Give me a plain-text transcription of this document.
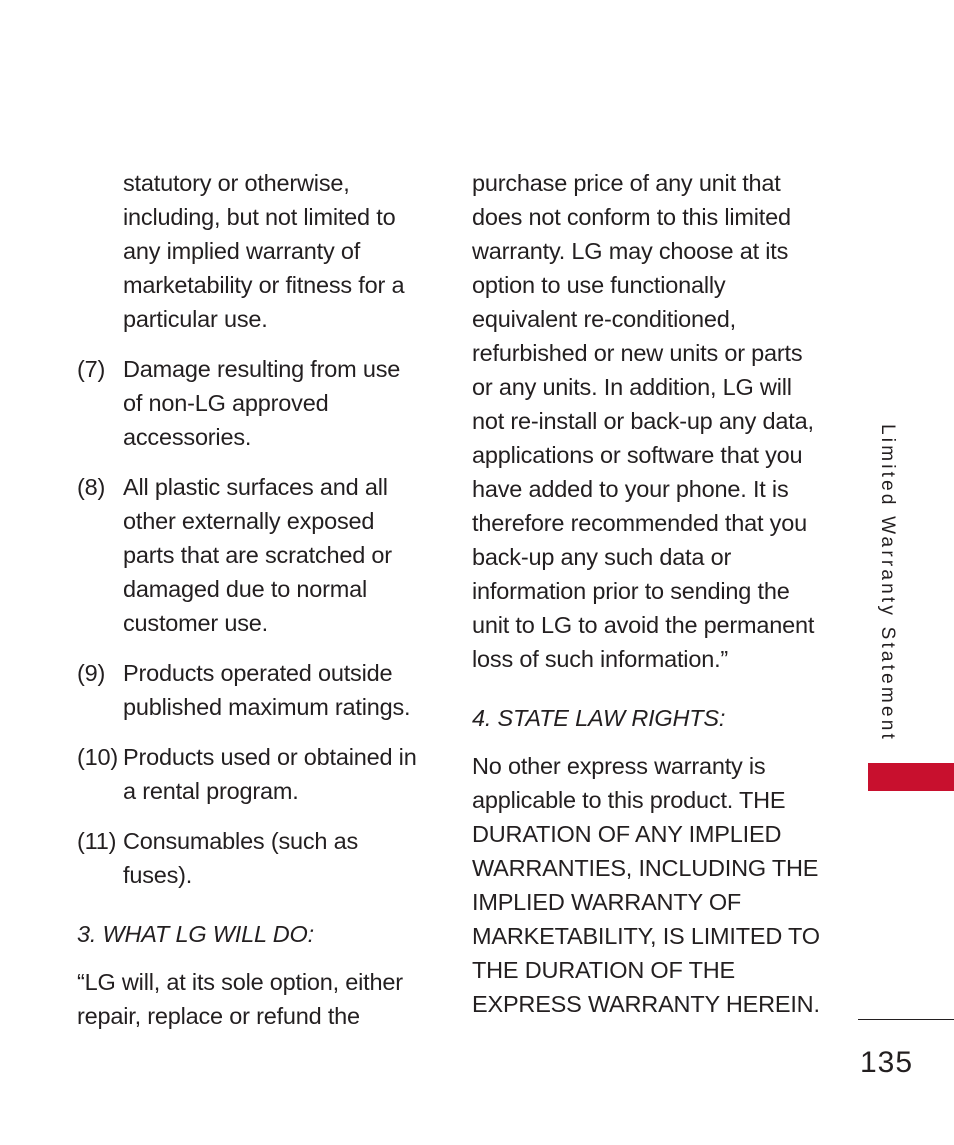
statutory or otherwise, including, but not limited to any implied warranty of marketability or fitness for a particular use.

(7) Damage resulting from use of non-LG approved accessories.
(8) All plastic surfaces and all other externally exposed parts that are scratched or damaged due to normal customer use.
(9) Products operated outside published maximum ratings.
(10) Products used or obtained in a rental program.
(11) Consumables (such as fuses).

3. WHAT LG WILL DO:

“LG will, at its sole option, either repair, replace or refund the

purchase price of any unit that does not conform to this limited warranty. LG may choose at its option to use functionally equivalent re-conditioned, refurbished or new units or parts or any units. In addition, LG will not re-install or back-up any data, applications or software that you have added to your phone. It is therefore recommended that you back-up any such data or information prior to sending the unit to LG to avoid the permanent loss of such information.”

4. STATE LAW RIGHTS:

No other express warranty is applicable to this product. THE DURATION OF ANY IMPLIED WARRANTIES, INCLUDING THE IMPLIED WARRANTY OF MARKETABILITY, IS LIMITED TO THE DURATION OF THE EXPRESS WARRANTY HEREIN.

Limited Warranty Statement
135
